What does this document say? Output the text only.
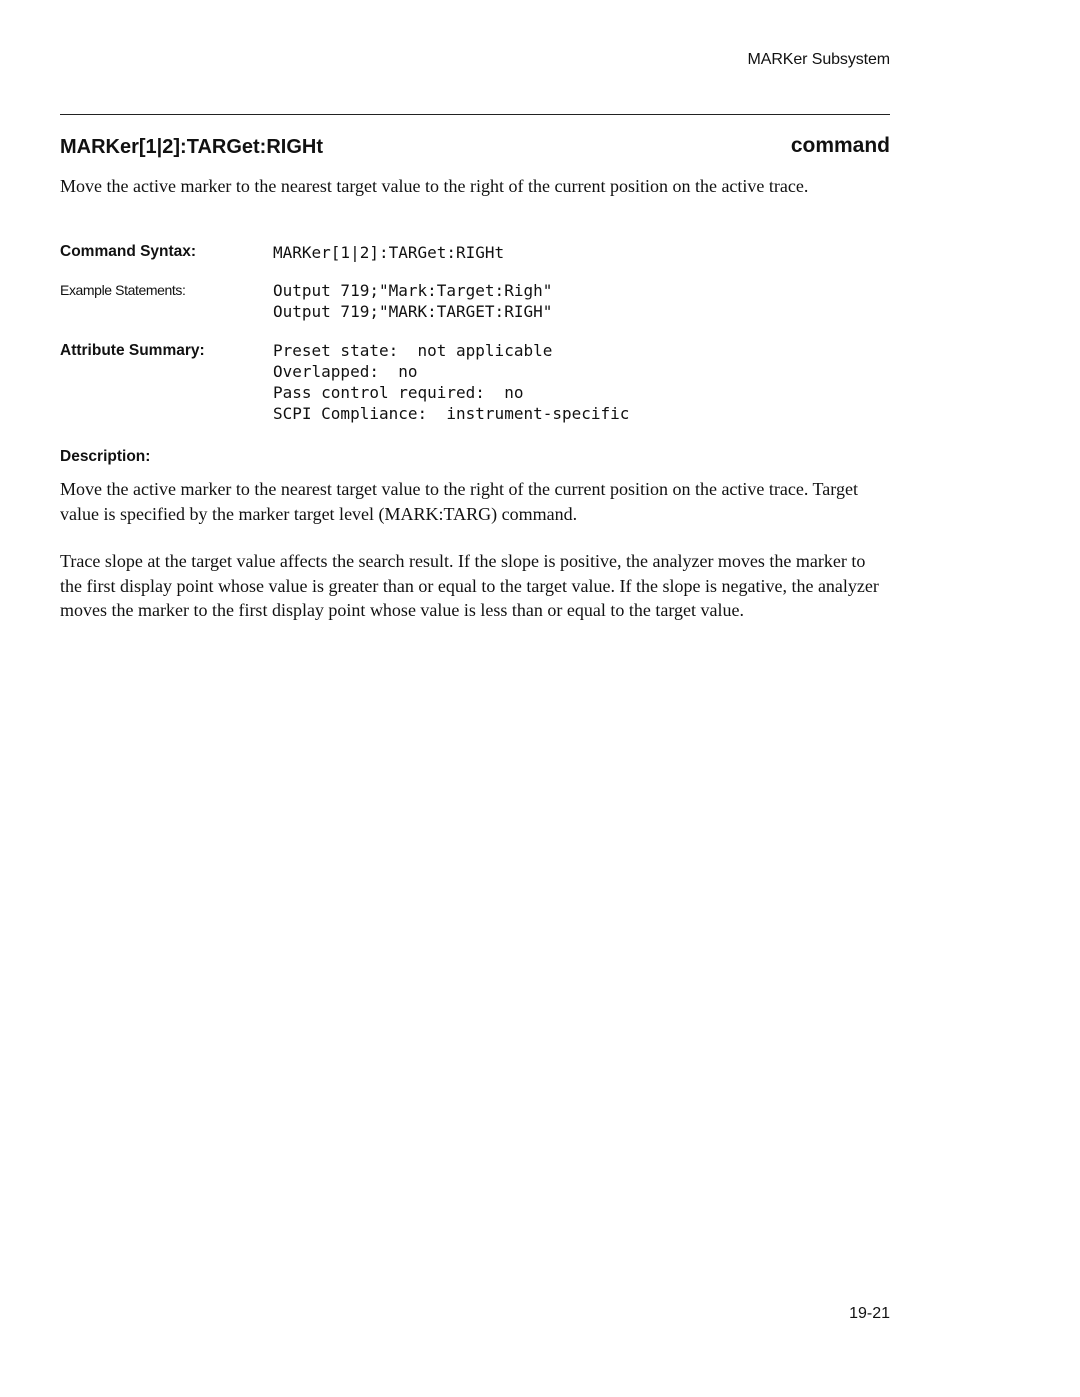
MARKer Subsystem
MARKer[1|2]:TARGet:RIGHt	command
Move the active marker to the nearest target value to the right of the current position on the active trace.
Command Syntax:	MARKer[1|2]:TARGet:RIGHt
Example Statements:	Output 719;"Mark:Target:Righ"
Output 719;"MARK:TARGET:RIGH"
Attribute Summary:	Preset state:  not applicable
Overlapped:  no
Pass control required:  no
SCPI Compliance:  instrument-specific
Description:
Move the active marker to the nearest target value to the right of the current position on the active trace. Target value is specified by the marker target level (MARK:TARG) command.
Trace slope at the target value affects the search result. If the slope is positive, the analyzer moves the marker to the first display point whose value is greater than or equal to the target value. If the slope is negative, the analyzer moves the marker to the first display point whose value is less than or equal to the target value.
19-21
